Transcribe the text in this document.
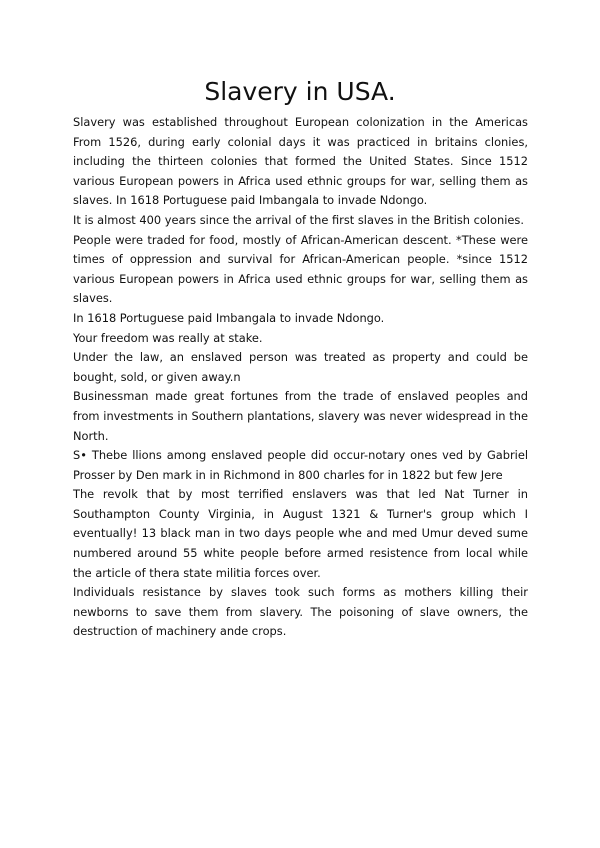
Slavery in USA.

Slavery was established throughout European colonization in the Americas From 1526, during early colonial days it was practiced in britains clonies, including the thirteen colonies that formed the United States. Since 1512 various European powers in Africa used ethnic groups for war, selling them as slaves. In 1618 Portuguese paid Imbangala to invade Ndongo.

It is almost 400 years since the arrival of the first slaves in the British colonies.

People were traded for food, mostly of African-American descent. *These were times of oppression and survival for African-American people. *since 1512 various European powers in Africa used ethnic groups for war, selling them as slaves.

In 1618 Portuguese paid Imbangala to invade Ndongo.

Your freedom was really at stake.

Under the law, an enslaved person was treated as property and could be bought, sold, or given away.n

Businessman made great fortunes from the trade of enslaved peoples and from investments in Southern plantations, slavery was never widespread in the North.

S• Thebe llions among enslaved people did occur-notary ones ved by Gabriel Prosser by Den mark in in Richmond in 800 charles for in 1822 but few Jere

The revolk that by most terrified enslavers was that led Nat Turner in Southampton County Virginia, in August 1321 & Turner's group which I eventually! 13 black man in two days people whe and med Umur deved sume numbered around 55 white people before armed resistence from local while the article of thera state militia forces over.

Individuals resistance by slaves took such forms as mothers killing their newborns to save them from slavery. The poisoning of slave owners, the destruction of machinery ande crops.
